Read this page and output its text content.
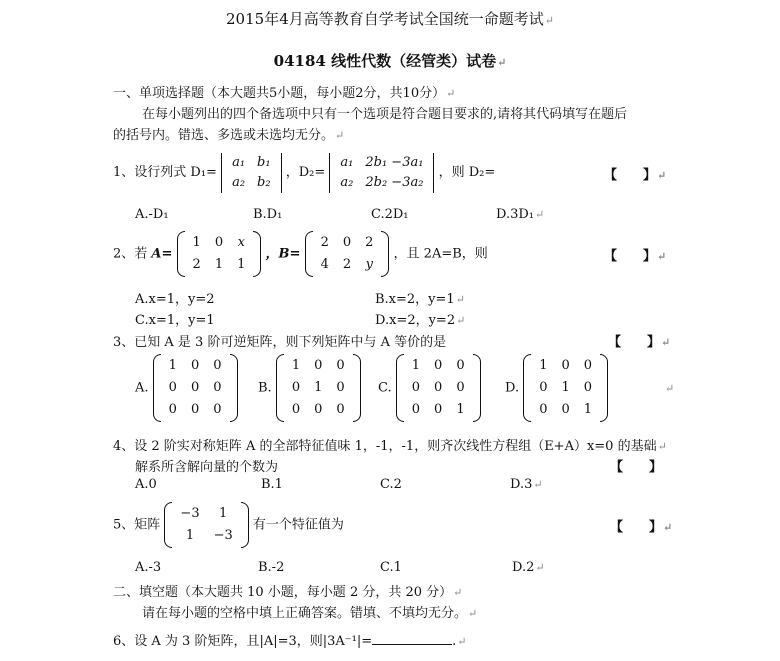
2015年4月高等教育自学考试全国统一命题考试↵
04184 线性代数（经管类）试卷↵
一、单项选择题（本大题共5小题，每小题2分，共10分）↵
在每小题列出的四个备选项中只有一个选项是符合题目要求的,请将其代码填写在题后
的括号内。错选、多选或未选均无分。↵
1、设行列式 D₁=
a₁	b₁
a₂	b₂
，D₂=
a₁	2b₁ −3a₁
a₂	2b₂ −3a₂
，则 D₂=	【　　】↵
A.-D₁	B.D₁	C.2D₁	D.3D₁↵
2、若 A=
1	0	x
2	1	1
，B=
2	0	2
4	2	y
，且 2A=B，则	【　　】↵
A.x=1，y=2	B.x=2，y=1↵
C.x=1，y=1	D.x=2，y=2↵
3、已知 A 是 3 阶可逆矩阵，则下列矩阵中与 A 等价的是	【　　】↵
A.
1	0	0
0	0	0
0	0	0
B.
1	0	0
0	1	0
0	0	0
C.
1	0	0
0	0	0
0	0	1
D.
1	0	0
0	1	0
0	0	1
↵
4、设 2 阶实对称矩阵 A 的全部特征值味 1，-1，-1，则齐次线性方程组（E+A）x=0 的基础↵
解系所含解向量的个数为	【　　】
A.0	B.1	C.2	D.3↵
5、矩阵
−3	1
1	−3
有一个特征值为	【　　】↵
A.-3	B.-2	C.1	D.2↵
二、填空题（本大题共 10 小题，每小题 2 分，共 20 分）↵
请在每小题的空格中填上正确答案。错填、不填均无分。↵
6、设 A 为 3 阶矩阵，且|A|=3，则|3A⁻¹|=	.↵
